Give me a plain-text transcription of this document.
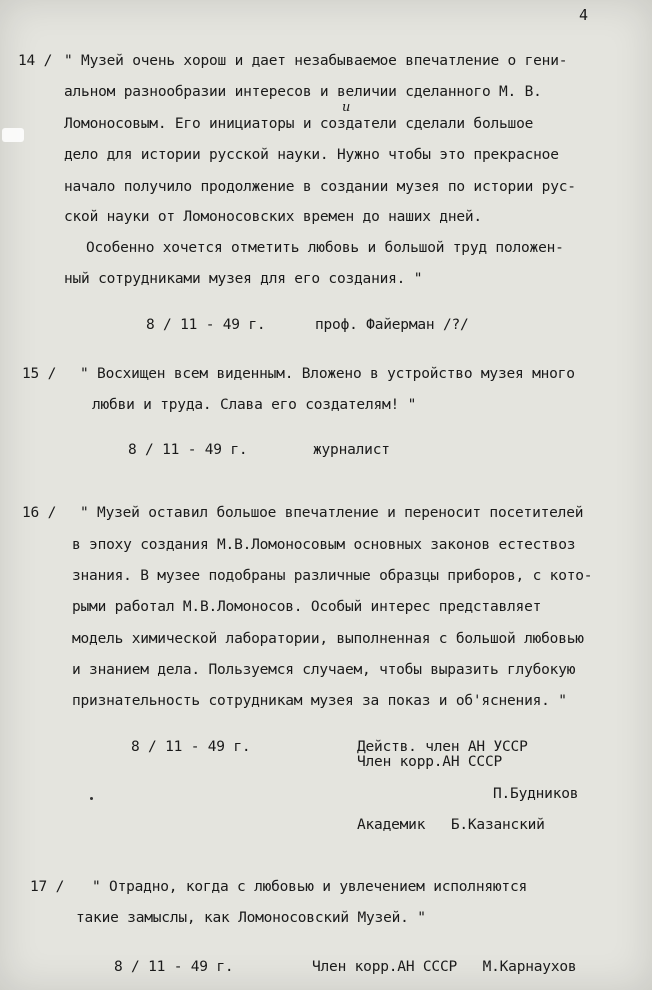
4
14 / " Музей очень хорош и дает незабываемое впечатление о гени-
альном разнообразии интересов и величии сделанного М. В.
и
Ломоносовым. Его инициаторы и создатели сделали большое
дело для истории русской науки. Нужно чтобы это прекрасное
начало получило продолжение в создании музея по истории рус-
ской науки от Ломоносовских времен до наших дней.
Особенно хочется отметить любовь и большой труд положен-
ный сотрудниками музея для его создания. "
8 / 11 - 49 г.	проф. Файерман /?/
15 / " Восхищен всем виденным. Вложено в устройство музея много
любви и труда. Слава его создателям! "
8 / 11 - 49 г.	журналист
16 / " Музей оставил большое впечатление и переносит посетителей
в эпоху создания М.В.Ломоносовым основных законов естествоз
знания. В музее подобраны различные образцы приборов, с кото-
рыми работал М.В.Ломоносов. Особый интерес представляет
модель химической лаборатории, выполненная с большой любовью
и знанием дела. Пользуемся случаем, чтобы выразить глубокую
признательность сотрудникам музея за показ и об'яснения. "
8 / 11 - 49 г.	Действ. член АН УССР
Член корр.АН СССР
П.Будников
Академик   Б.Казанский
17 / " Отрадно, когда с любовью и увлечением исполняются
такие замыслы, как Ломоносовский Музей. "
8 / 11 - 49 г.	Член корр.АН СССР   М.Карнаухов
